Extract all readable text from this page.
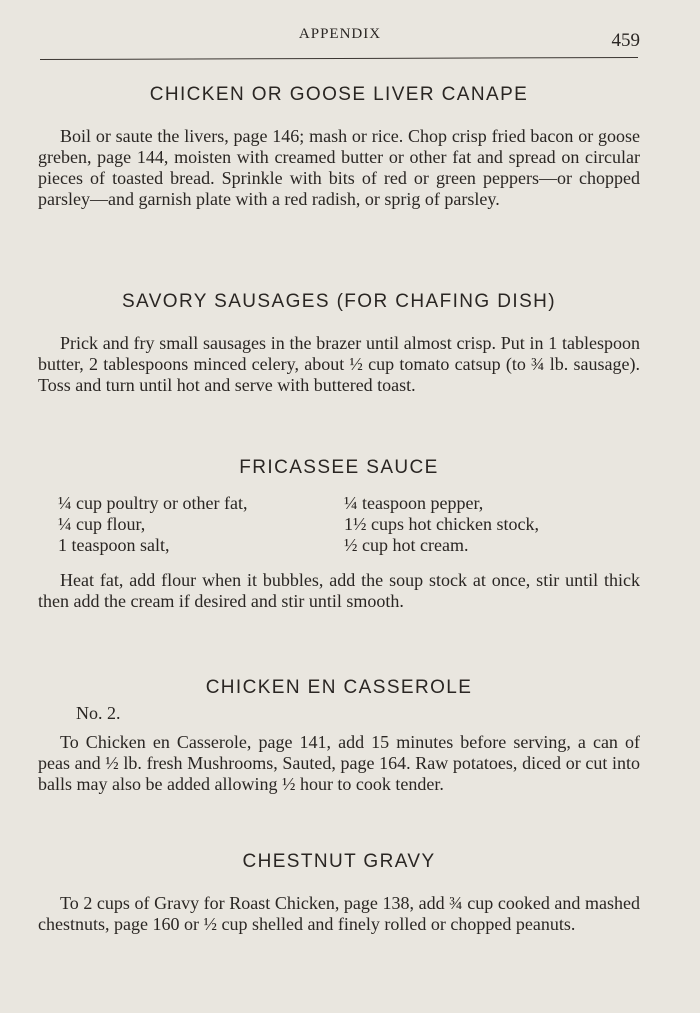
APPENDIX	459
CHICKEN OR GOOSE LIVER CANAPE

Boil or saute the livers, page 146; mash or rice. Chop crisp fried bacon or goose greben, page 144, moisten with creamed butter or other fat and spread on circular pieces of toasted bread. Sprinkle with bits of red or green peppers—or chopped parsley—and garnish plate with a red radish, or sprig of parsley.

SAVORY SAUSAGES (FOR CHAFING DISH)

Prick and fry small sausages in the brazer until almost crisp. Put in 1 tablespoon butter, 2 tablespoons minced celery, about ½ cup tomato catsup (to ¾ lb. sausage). Toss and turn until hot and serve with buttered toast.

FRICASSEE SAUCE
¼ cup poultry or other fat,
¼ cup flour,
1 teaspoon salt,
¼ teaspoon pepper,
1½ cups hot chicken stock,
½ cup hot cream.

Heat fat, add flour when it bubbles, add the soup stock at once, stir until thick then add the cream if desired and stir until smooth.

CHICKEN EN CASSEROLE
No. 2.

To Chicken en Casserole, page 141, add 15 minutes before serving, a can of peas and ½ lb. fresh Mushrooms, Sauted, page 164. Raw potatoes, diced or cut into balls may also be added allowing ½ hour to cook tender.

CHESTNUT GRAVY

To 2 cups of Gravy for Roast Chicken, page 138, add ¾ cup cooked and mashed chestnuts, page 160 or ½ cup shelled and finely rolled or chopped peanuts.
